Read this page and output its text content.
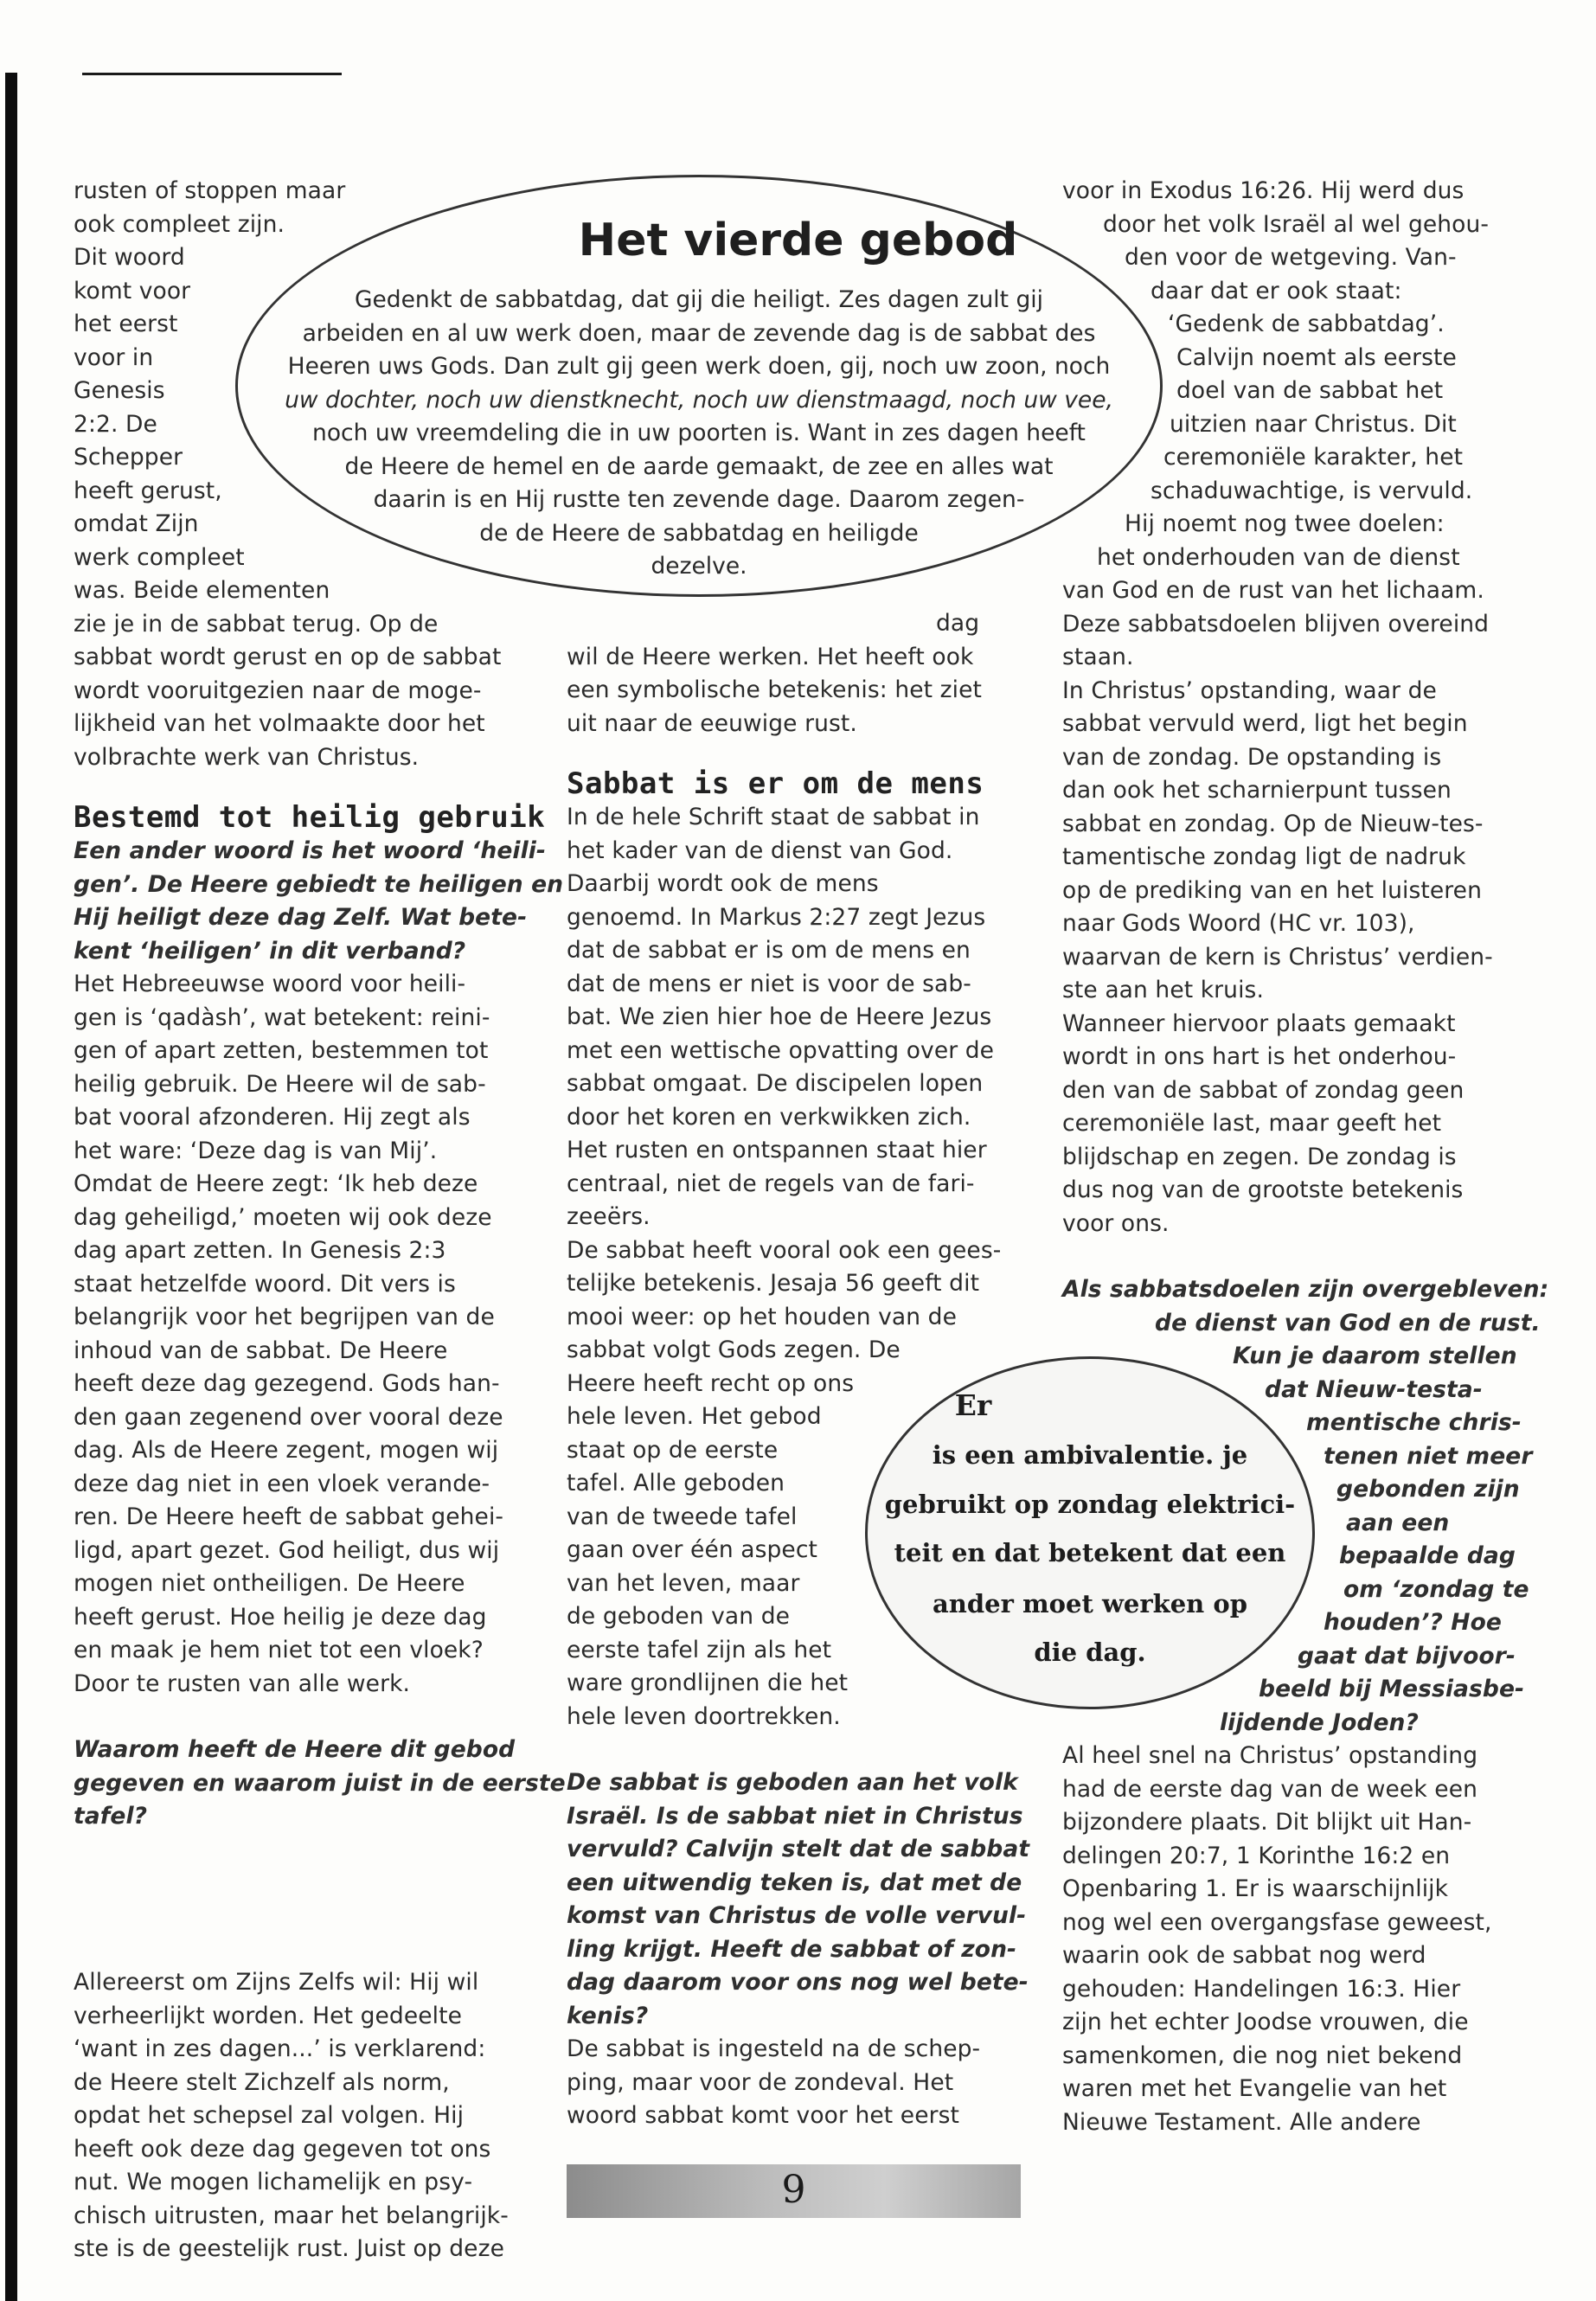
Het vierde gebod
Gedenkt de sabbatdag, dat gij die heiligt. Zes dagen zult gij
arbeiden en al uw werk doen, maar de zevende dag is de sabbat des
Heeren uws Gods. Dan zult gij geen werk doen, gij, noch uw zoon, noch
uw dochter, noch uw dienstknecht, noch uw dienstmaagd, noch uw vee,
noch uw vreemdeling die in uw poorten is. Want in zes dagen heeft
de Heere de hemel en de aarde gemaakt, de zee en alles wat
daarin is en Hij rustte ten zevende dage. Daarom zegen-
de de Heere de sabbatdag en heiligde
dezelve.
rusten of stoppen maar
ook compleet zijn.
Dit woord
komt voor
het eerst
voor in
Genesis
2:2. De
Schepper
heeft gerust,
omdat Zijn
werk compleet
was. Beide elementen
zie je in de sabbat terug. Op de
sabbat wordt gerust en op de sabbat
wordt vooruitgezien naar de moge-
lijkheid van het volmaakte door het
volbrachte werk van Christus.
Bestemd tot heilig gebruik
Een ander woord is het woord ‘heili-
gen’. De Heere gebiedt te heiligen en
Hij heiligt deze dag Zelf. Wat bete-
kent ‘heiligen’ in dit verband?
Het Hebreeuwse woord voor heili-
gen is ‘qadàsh’, wat betekent: reini-
gen of apart zetten, bestemmen tot
heilig gebruik. De Heere wil de sab-
bat vooral afzonderen. Hij zegt als
het ware: ‘Deze dag is van Mij’.
Omdat de Heere zegt: ‘Ik heb deze
dag geheiligd,’ moeten wij ook deze
dag apart zetten. In Genesis 2:3
staat hetzelfde woord. Dit vers is
belangrijk voor het begrijpen van de
inhoud van de sabbat. De Heere
heeft deze dag gezegend. Gods han-
den gaan zegenend over vooral deze
dag. Als de Heere zegent, mogen wij
deze dag niet in een vloek verande-
ren. De Heere heeft de sabbat gehei-
ligd, apart gezet. God heiligt, dus wij
mogen niet ontheiligen. De Heere
heeft gerust. Hoe heilig je deze dag
en maak je hem niet tot een vloek?
Door te rusten van alle werk.
Waarom heeft de Heere dit gebod
gegeven en waarom juist in de eerste
tafel?
Allereerst om Zijns Zelfs wil: Hij wil
verheerlijkt worden. Het gedeelte
‘want in zes dagen...’ is verklarend:
de Heere stelt Zichzelf als norm,
opdat het schepsel zal volgen. Hij
heeft ook deze dag gegeven tot ons
nut. We mogen lichamelijk en psy-
chisch uitrusten, maar het belangrijk-
ste is de geestelijk rust. Juist op deze
dag
wil de Heere werken. Het heeft ook
een symbolische betekenis: het ziet
uit naar de eeuwige rust.
Sabbat is er om de mens
In de hele Schrift staat de sabbat in
het kader van de dienst van God.
Daarbij wordt ook de mens
genoemd. In Markus 2:27 zegt Jezus
dat de sabbat er is om de mens en
dat de mens er niet is voor de sab-
bat. We zien hier hoe de Heere Jezus
met een wettische opvatting over de
sabbat omgaat. De discipelen lopen
door het koren en verkwikken zich.
Het rusten en ontspannen staat hier
centraal, niet de regels van de fari-
zeeërs.
De sabbat heeft vooral ook een gees-
telijke betekenis. Jesaja 56 geeft dit
mooi weer: op het houden van de
sabbat volgt Gods zegen. De
Heere heeft recht op ons
hele leven. Het gebod
staat op de eerste
tafel. Alle geboden
van de tweede tafel
gaan over één aspect
van het leven, maar
de geboden van de
eerste tafel zijn als het
ware grondlijnen die het
hele leven doortrekken.
De sabbat is geboden aan het volk
Israël. Is de sabbat niet in Christus
vervuld? Calvijn stelt dat de sabbat
een uitwendig teken is, dat met de
komst van Christus de volle vervul-
ling krijgt. Heeft de sabbat of zon-
dag daarom voor ons nog wel bete-
kenis?
De sabbat is ingesteld na de schep-
ping, maar voor de zondeval. Het
woord sabbat komt voor het eerst
voor in Exodus 16:26. Hij werd dus
door het volk Israël al wel gehou-
den voor de wetgeving. Van-
daar dat er ook staat:
‘Gedenk de sabbatdag’.
Calvijn noemt als eerste
doel van de sabbat het
uitzien naar Christus. Dit
ceremoniële karakter, het
schaduwachtige, is vervuld.
Hij noemt nog twee doelen:
het onderhouden van de dienst
van God en de rust van het lichaam.
Deze sabbatsdoelen blijven overeind
staan.
In Christus’ opstanding, waar de
sabbat vervuld werd, ligt het begin
van de zondag. De opstanding is
dan ook het scharnierpunt tussen
sabbat en zondag. Op de Nieuw-tes-
tamentische zondag ligt de nadruk
op de prediking van en het luisteren
naar Gods Woord (HC vr. 103),
waarvan de kern is Christus’ verdien-
ste aan het kruis.
Wanneer hiervoor plaats gemaakt
wordt in ons hart is het onderhou-
den van de sabbat of zondag geen
ceremoniële last, maar geeft het
blijdschap en zegen. De zondag is
dus nog van de grootste betekenis
voor ons.
Als sabbatsdoelen zijn overgebleven:
de dienst van God en de rust.
Kun je daarom stellen
dat Nieuw-testa-
mentische chris-
tenen niet meer
gebonden zijn
aan een
bepaalde dag
om ‘zondag te
houden’? Hoe
gaat dat bijvoor-
beeld bij Messiasbe-
lijdende Joden?
Al heel snel na Christus’ opstanding
had de eerste dag van de week een
bijzondere plaats. Dit blijkt uit Han-
delingen 20:7, 1 Korinthe 16:2 en
Openbaring 1. Er is waarschijnlijk
nog wel een overgangsfase geweest,
waarin ook de sabbat nog werd
gehouden: Handelingen 16:3. Hier
zijn het echter Joodse vrouwen, die
samenkomen, die nog niet bekend
waren met het Evangelie van het
Nieuwe Testament. Alle andere
Er
is een ambivalentie. je
gebruikt op zondag elektrici-
teit en dat betekent dat een
ander moet werken op
die dag.
9
